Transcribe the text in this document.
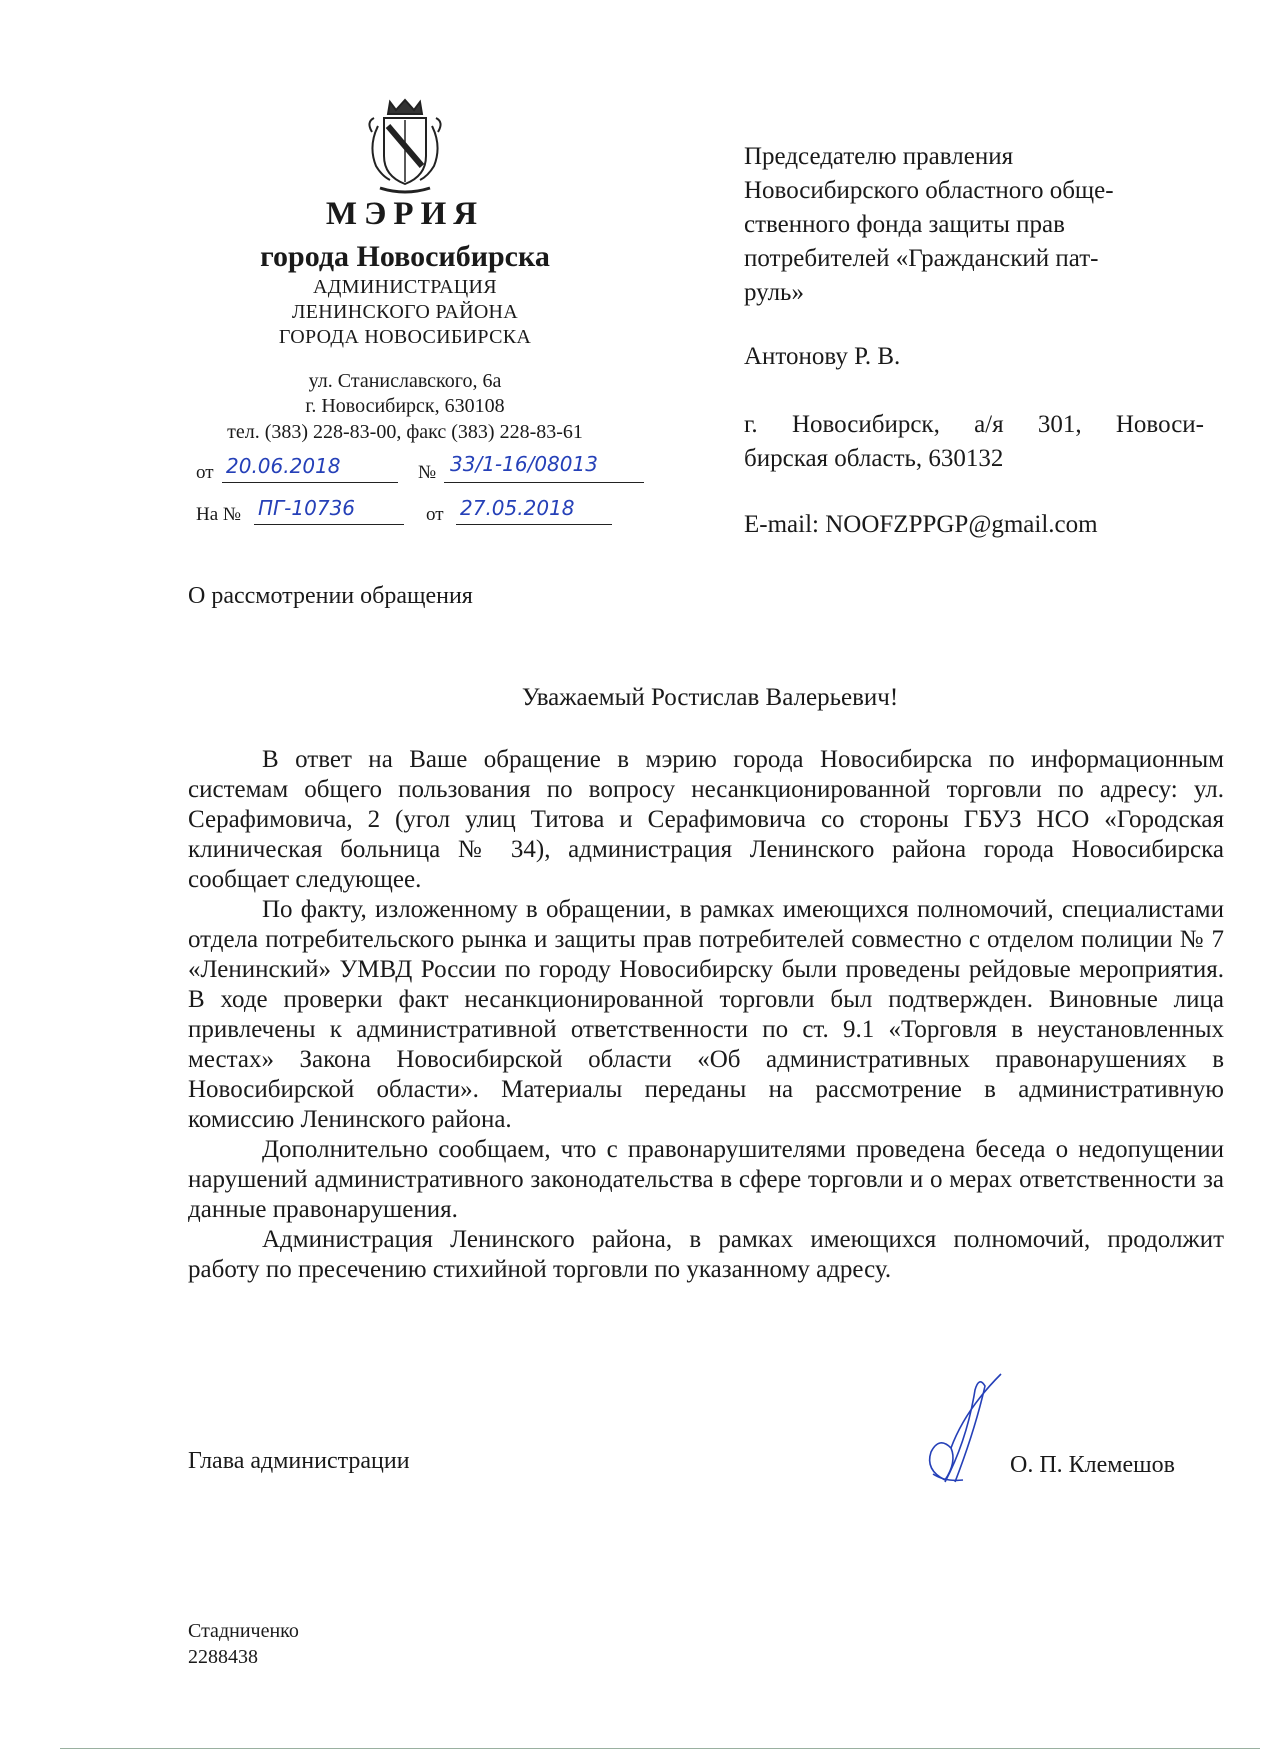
МЭРИЯ
города Новосибирска
АДМИНИСТРАЦИЯ
ЛЕНИНСКОГО РАЙОНА
ГОРОДА НОВОСИБИРСКА
ул. Станиславского, 6а
г. Новосибирск, 630108
тел. (383) 228-83-00, факс (383) 228-83-61
от 20.06.2018	№ 33/1-16/08013
На № ПГ-10736	от 27.05.2018
Председателю правления
Новосибирского областного обще-
ственного фонда защиты прав
потребителей «Гражданский пат-
руль»
Антонову Р. В.
г. Новосибирск, а/я 301, Новоси-
бирская область, 630132
E-mail: NOOFZPPGP@gmail.com
О рассмотрении обращения
Уважаемый Ростислав Валерьевич!

В ответ на Ваше обращение в мэрию города Новосибирска по информационным системам общего пользования по вопросу несанкционированной торговли по адресу: ул. Серафимовича, 2 (угол улиц Титова и Серафимовича со стороны ГБУЗ НСО «Городская клиническая больница № 34), администрация Ленинского района города Новосибирска сообщает следующее.

По факту, изложенному в обращении, в рамках имеющихся полномочий, специалистами отдела потребительского рынка и защиты прав потребителей совместно с отделом полиции № 7 «Ленинский» УМВД России по городу Новосибирску были проведены рейдовые мероприятия. В ходе проверки факт несанкционированной торговли был подтвержден. Виновные лица привлечены к административной ответственности по ст. 9.1 «Торговля в неустановленных местах» Закона Новосибирской области «Об административных правонарушениях в Новосибирской области». Материалы переданы на рассмотрение в административную комиссию Ленинского района.

Дополнительно сообщаем, что с правонарушителями проведена беседа о недопущении нарушений административного законодательства в сфере торговли и о мерах ответственности за данные правонарушения.

Администрация Ленинского района, в рамках имеющихся полномочий, продолжит работу по пресечению стихийной торговли по указанному адресу.

Глава администрации	О. П. Клемешов
Стадниченко
2288438
